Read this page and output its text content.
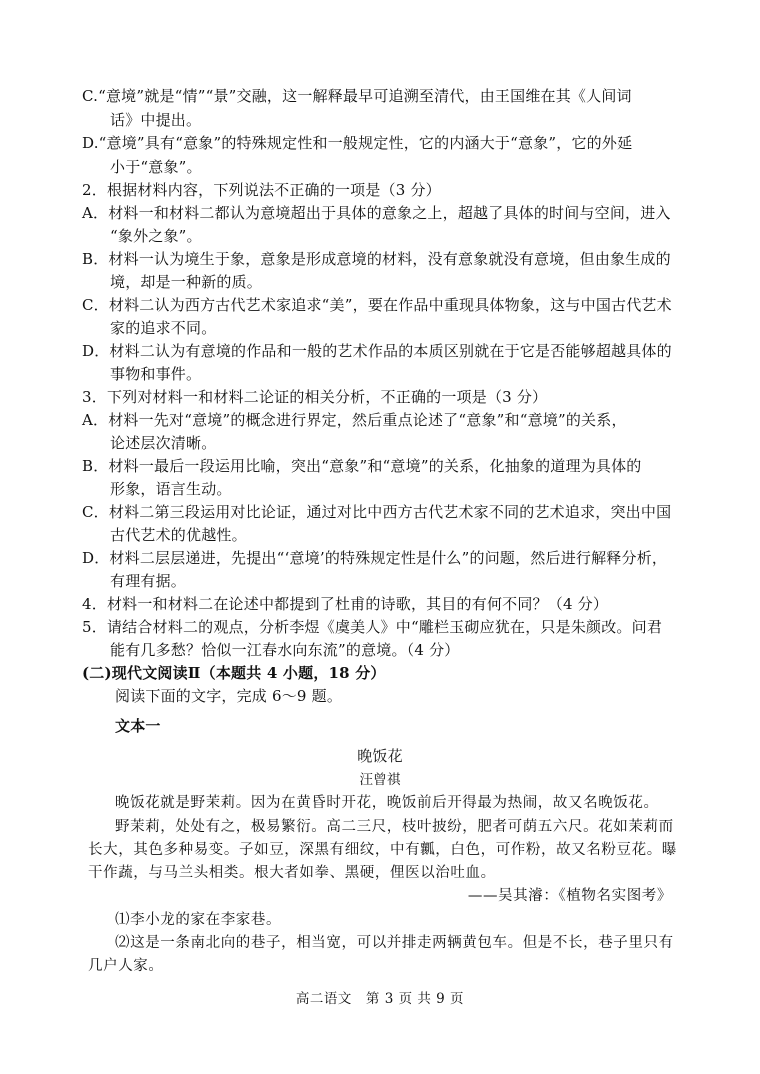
C.“意境”就是“情”“景”交融，这一解释最早可追溯至清代，由王国维在其《人间词
话》中提出。
D.“意境”具有“意象”的特殊规定性和一般规定性，它的内涵大于“意象”，它的外延
小于“意象”。
2．根据材料内容，下列说法不正确的一项是（3 分）
A．材料一和材料二都认为意境超出于具体的意象之上，超越了具体的时间与空间，进入
“象外之象”。
B．材料一认为境生于象，意象是形成意境的材料，没有意象就没有意境，但由象生成的
境，却是一种新的质。
C．材料二认为西方古代艺术家追求“美”，要在作品中重现具体物象，这与中国古代艺术
家的追求不同。
D．材料二认为有意境的作品和一般的艺术作品的本质区别就在于它是否能够超越具体的
事物和事件。
3．下列对材料一和材料二论证的相关分析，不正确的一项是（3 分）
A．材料一先对“意境”的概念进行界定，然后重点论述了“意象”和“意境”的关系，
论述层次清晰。
B．材料一最后一段运用比喻，突出“意象”和“意境”的关系，化抽象的道理为具体的
形象，语言生动。
C．材料二第三段运用对比论证，通过对比中西方古代艺术家不同的艺术追求，突出中国
古代艺术的优越性。
D．材料二层层递进，先提出“‘意境’的特殊规定性是什么”的问题，然后进行解释分析，
有理有据。
4．材料一和材料二在论述中都提到了杜甫的诗歌，其目的有何不同？（4 分）
5．请结合材料二的观点，分析李煜《虞美人》中“雕栏玉砌应犹在，只是朱颜改。问君
能有几多愁？恰似一江春水向东流”的意境。（4 分）
(二)现代文阅读Ⅱ（本题共 4 小题，18 分）
阅读下面的文字，完成 6～9 题。
文本一
晚饭花
汪曾祺
晚饭花就是野茉莉。因为在黄昏时开花，晚饭前后开得最为热闹，故又名晚饭花。
野茉莉，处处有之，极易繁衍。高二三尺，枝叶披纷，肥者可荫五六尺。花如茉莉而
长大，其色多种易变。子如豆，深黑有细纹，中有瓤，白色，可作粉，故又名粉豆花。曝
干作蔬，与马兰头相类。根大者如拳、黑硬，俚医以治吐血。
——吴其濬：《植物名实图考》
⑴李小龙的家在李家巷。
⑵这是一条南北向的巷子，相当宽，可以并排走两辆黄包车。但是不长，巷子里只有
几户人家。
高二语文　第 3 页 共 9 页
